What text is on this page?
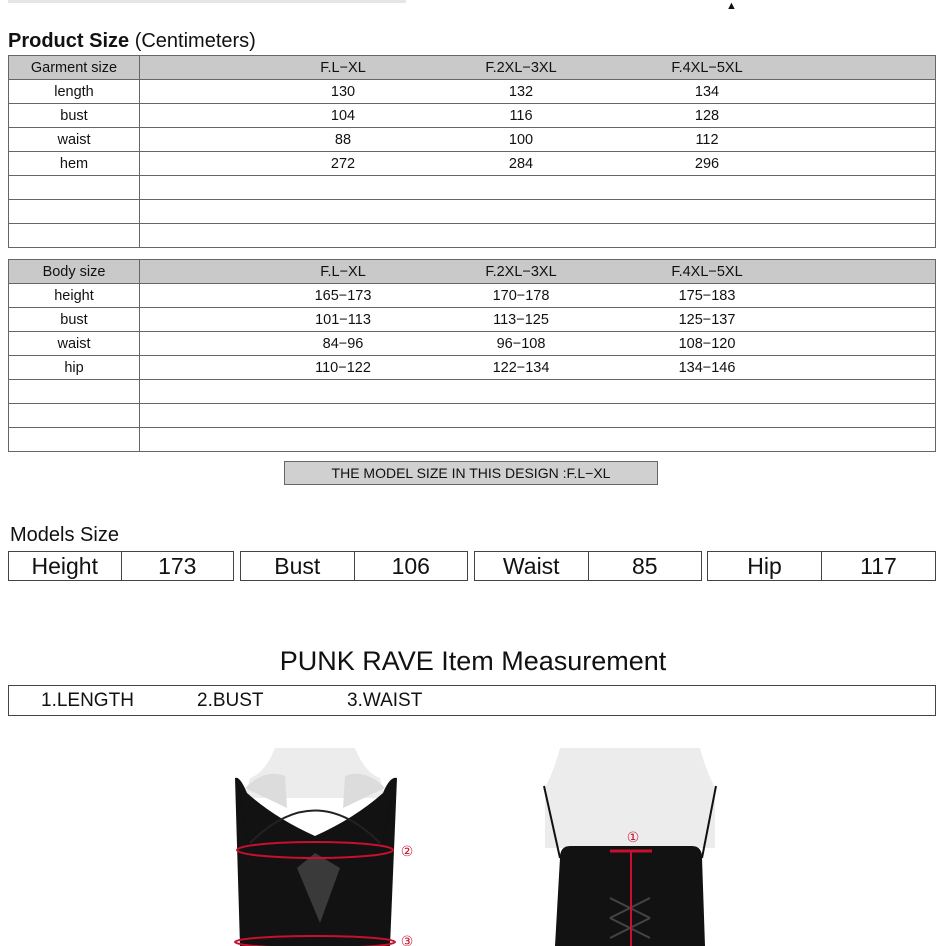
▲
Product Size (Centimeters)
Garment size	F.L−XL F.2XL−3XL F.4XL−5XL

length	130 132 134

bust	104 116 128

waist	88 100 112

hem	272 284 296

Body size	F.L−XL F.2XL−3XL F.4XL−5XL

height	165−173 170−178 175−183

bust	101−113 113−125 125−137

waist	84−96 96−108 108−120

hip	110−122 122−134 134−146

THE MODEL SIZE IN THIS DESIGN :F.L−XL
Models Size
Height	173	Bust	106	Waist	85	Hip	117
PUNK RAVE Item Measurement
1.LENGTH	2.BUST	3.WAIST
②
③
①
